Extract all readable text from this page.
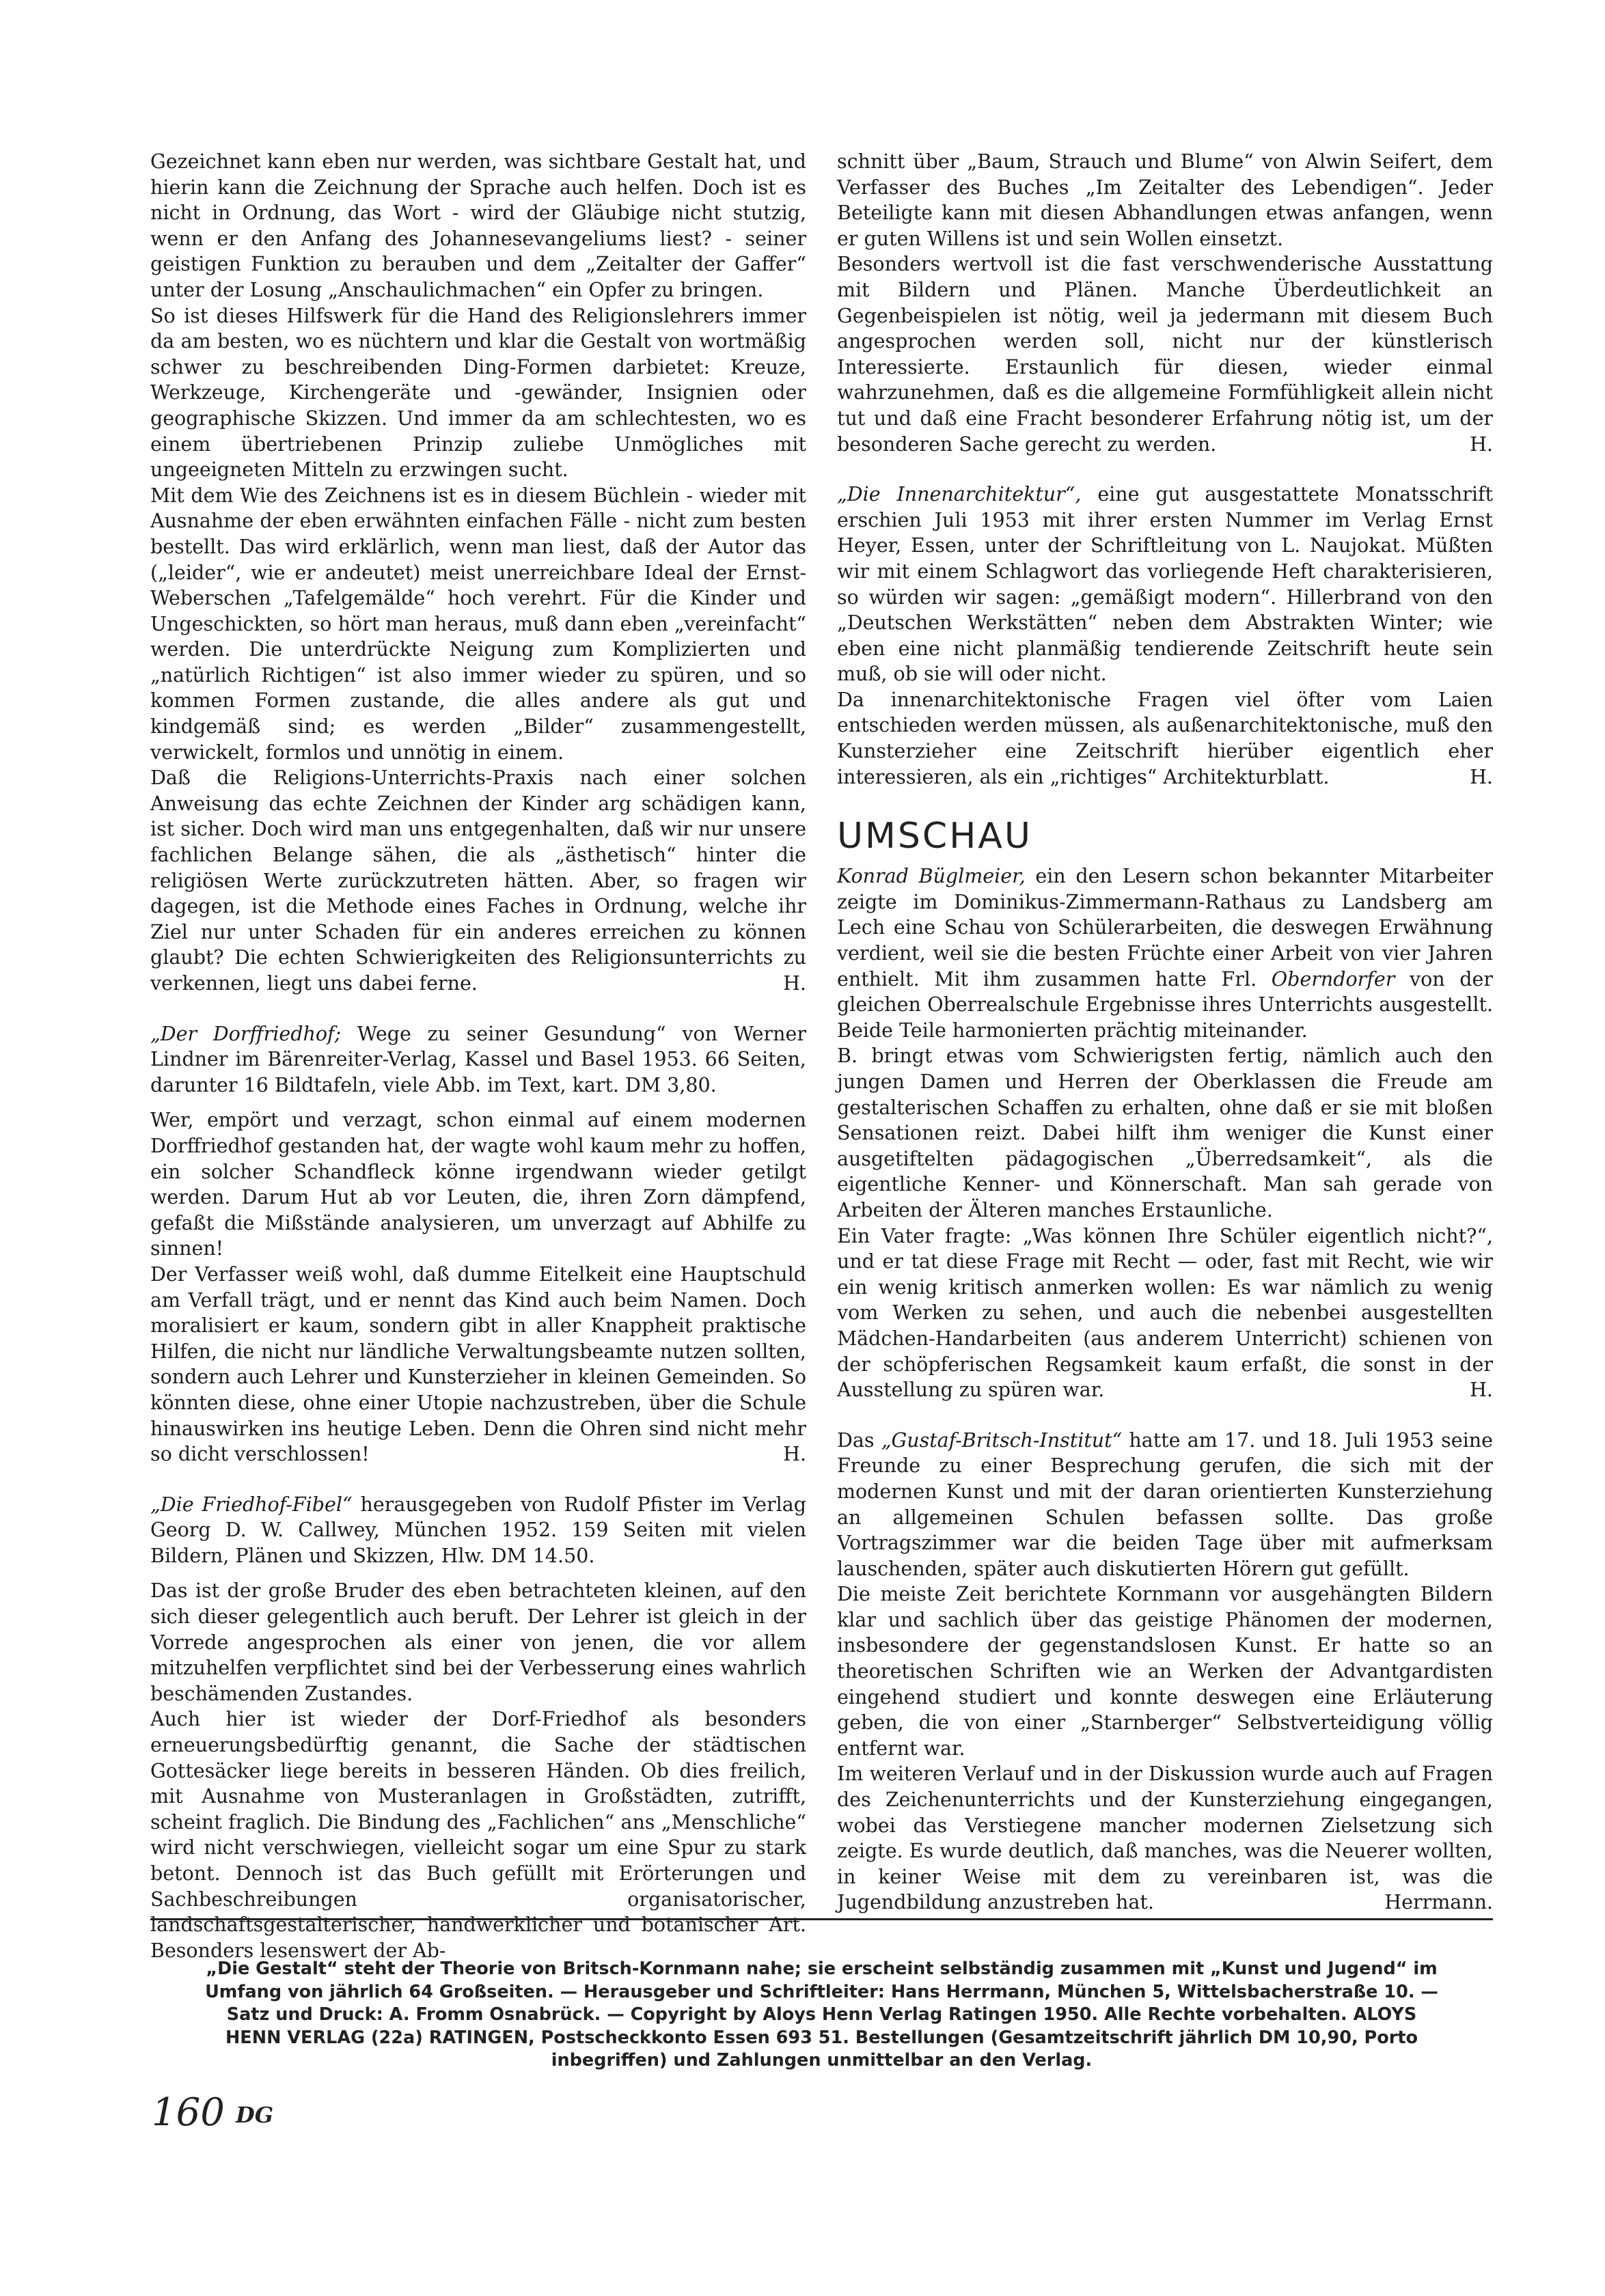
Gezeichnet kann eben nur werden, was sichtbare Gestalt hat, und hierin kann die Zeichnung der Sprache auch helfen. Doch ist es nicht in Ordnung, das Wort - wird der Gläubige nicht stutzig, wenn er den Anfang des Johannesevangeliums liest? - seiner geistigen Funktion zu berauben und dem „Zeitalter der Gaffer“ unter der Losung „Anschaulichmachen“ ein Opfer zu bringen.

So ist dieses Hilfswerk für die Hand des Religionslehrers immer da am besten, wo es nüchtern und klar die Gestalt von wortmäßig schwer zu beschreibenden Ding-Formen darbietet: Kreuze, Werkzeuge, Kirchengeräte und -gewänder, Insignien oder geographische Skizzen. Und immer da am schlechtesten, wo es einem übertriebenen Prinzip zuliebe Unmögliches mit ungeeigneten Mitteln zu erzwingen sucht.

Mit dem Wie des Zeichnens ist es in diesem Büchlein - wieder mit Ausnahme der eben erwähnten einfachen Fälle - nicht zum besten bestellt. Das wird erklärlich, wenn man liest, daß der Autor das („leider“, wie er andeutet) meist unerreichbare Ideal der Ernst-Weberschen „Tafelgemälde“ hoch verehrt. Für die Kinder und Ungeschickten, so hört man heraus, muß dann eben „vereinfacht“ werden. Die unterdrückte Neigung zum Komplizierten und „natürlich Richtigen“ ist also immer wieder zu spüren, und so kommen Formen zustande, die alles andere als gut und kindgemäß sind; es werden „Bilder“ zusammengestellt, verwickelt, formlos und unnötig in einem.

Daß die Religions-Unterrichts-Praxis nach einer solchen Anweisung das echte Zeichnen der Kinder arg schädigen kann, ist sicher. Doch wird man uns entgegenhalten, daß wir nur unsere fachlichen Belange sähen, die als „ästhetisch“ hinter die religiösen Werte zurückzutreten hätten. Aber, so fragen wir dagegen, ist die Methode eines Faches in Ordnung, welche ihr Ziel nur unter Schaden für ein anderes erreichen zu können glaubt? Die echten Schwierigkeiten des Religionsunterrichts zu verkennen, liegt uns dabei ferne.	H.

„Der Dorffriedhof; Wege zu seiner Gesundung“ von Werner Lindner im Bärenreiter-Verlag, Kassel und Basel 1953. 66 Seiten, darunter 16 Bildtafeln, viele Abb. im Text, kart. DM 3,80.

Wer, empört und verzagt, schon einmal auf einem modernen Dorffriedhof gestanden hat, der wagte wohl kaum mehr zu hoffen, ein solcher Schandfleck könne irgendwann wieder getilgt werden. Darum Hut ab vor Leuten, die, ihren Zorn dämpfend, gefaßt die Mißstände analysieren, um unverzagt auf Abhilfe zu sinnen!

Der Verfasser weiß wohl, daß dumme Eitelkeit eine Hauptschuld am Verfall trägt, und er nennt das Kind auch beim Namen. Doch moralisiert er kaum, sondern gibt in aller Knappheit praktische Hilfen, die nicht nur ländliche Verwaltungsbeamte nutzen sollten, sondern auch Lehrer und Kunsterzieher in kleinen Gemeinden. So könnten diese, ohne einer Utopie nachzustreben, über die Schule hinauswirken ins heutige Leben. Denn die Ohren sind nicht mehr so dicht verschlossen!	H.

„Die Friedhof-Fibel“ herausgegeben von Rudolf Pfister im Verlag Georg D. W. Callwey, München 1952. 159 Seiten mit vielen Bildern, Plänen und Skizzen, Hlw. DM 14.50.

Das ist der große Bruder des eben betrachteten kleinen, auf den sich dieser gelegentlich auch beruft. Der Lehrer ist gleich in der Vorrede angesprochen als einer von jenen, die vor allem mitzuhelfen verpflichtet sind bei der Verbesserung eines wahrlich beschämenden Zustandes.

Auch hier ist wieder der Dorf-Friedhof als besonders erneuerungsbedürftig genannt, die Sache der städtischen Gottesäcker liege bereits in besseren Händen. Ob dies freilich, mit Ausnahme von Musteranlagen in Großstädten, zutrifft, scheint fraglich. Die Bindung des „Fachlichen“ ans „Menschliche“ wird nicht verschwiegen, vielleicht sogar um eine Spur zu stark betont. Dennoch ist das Buch gefüllt mit Erörterungen und Sachbeschreibungen organisatorischer, landschaftsgestalterischer, handwerklicher und botanischer Art. Besonders lesenswert der Ab-

schnitt über „Baum, Strauch und Blume“ von Alwin Seifert, dem Verfasser des Buches „Im Zeitalter des Lebendigen“. Jeder Beteiligte kann mit diesen Abhandlungen etwas anfangen, wenn er guten Willens ist und sein Wollen einsetzt.

Besonders wertvoll ist die fast verschwenderische Ausstattung mit Bildern und Plänen. Manche Überdeutlichkeit an Gegenbeispielen ist nötig, weil ja jedermann mit diesem Buch angesprochen werden soll, nicht nur der künstlerisch Interessierte. Erstaunlich für diesen, wieder einmal wahrzunehmen, daß es die allgemeine Formfühligkeit allein nicht tut und daß eine Fracht besonderer Erfahrung nötig ist, um der besonderen Sache gerecht zu werden.	H.

„Die Innenarchitektur“, eine gut ausgestattete Monatsschrift erschien Juli 1953 mit ihrer ersten Nummer im Verlag Ernst Heyer, Essen, unter der Schriftleitung von L. Naujokat. Müßten wir mit einem Schlagwort das vorliegende Heft charakterisieren, so würden wir sagen: „gemäßigt modern“. Hillerbrand von den „Deutschen Werkstätten“ neben dem Abstrakten Winter; wie eben eine nicht planmäßig tendierende Zeitschrift heute sein muß, ob sie will oder nicht.

Da innenarchitektonische Fragen viel öfter vom Laien entschieden werden müssen, als außenarchitektonische, muß den Kunsterzieher eine Zeitschrift hierüber eigentlich eher interessieren, als ein „richtiges“ Architekturblatt.	H.

UMSCHAU

Konrad Büglmeier, ein den Lesern schon bekannter Mitarbeiter zeigte im Dominikus-Zimmermann-Rathaus zu Landsberg am Lech eine Schau von Schülerarbeiten, die deswegen Erwähnung verdient, weil sie die besten Früchte einer Arbeit von vier Jahren enthielt. Mit ihm zusammen hatte Frl. Oberndorfer von der gleichen Oberrealschule Ergebnisse ihres Unterrichts ausgestellt. Beide Teile harmonierten prächtig miteinander.

B. bringt etwas vom Schwierigsten fertig, nämlich auch den jungen Damen und Herren der Oberklassen die Freude am gestalterischen Schaffen zu erhalten, ohne daß er sie mit bloßen Sensationen reizt. Dabei hilft ihm weniger die Kunst einer ausgetiftelten pädagogischen „Überredsamkeit“, als die eigentliche Kenner- und Könnerschaft. Man sah gerade von Arbeiten der Älteren manches Erstaunliche.

Ein Vater fragte: „Was können Ihre Schüler eigentlich nicht?“, und er tat diese Frage mit Recht — oder, fast mit Recht, wie wir ein wenig kritisch anmerken wollen: Es war nämlich zu wenig vom Werken zu sehen, und auch die nebenbei ausgestellten Mädchen-Handarbeiten (aus anderem Unterricht) schienen von der schöpferischen Regsamkeit kaum erfaßt, die sonst in der Ausstellung zu spüren war.	H.

Das „Gustaf-Britsch-Institut“ hatte am 17. und 18. Juli 1953 seine Freunde zu einer Besprechung gerufen, die sich mit der modernen Kunst und mit der daran orientierten Kunsterziehung an allgemeinen Schulen befassen sollte. Das große Vortragszimmer war die beiden Tage über mit aufmerksam lauschenden, später auch diskutierten Hörern gut gefüllt.

Die meiste Zeit berichtete Kornmann vor ausgehängten Bildern klar und sachlich über das geistige Phänomen der modernen, insbesondere der gegenstandslosen Kunst. Er hatte so an theoretischen Schriften wie an Werken der Advantgardisten eingehend studiert und konnte deswegen eine Erläuterung geben, die von einer „Starnberger“ Selbstverteidigung völlig entfernt war.

Im weiteren Verlauf und in der Diskussion wurde auch auf Fragen des Zeichenunterrichts und der Kunsterziehung eingegangen, wobei das Verstiegene mancher modernen Zielsetzung sich zeigte. Es wurde deutlich, daß manches, was die Neuerer wollten, in keiner Weise mit dem zu vereinbaren ist, was die Jugendbildung anzustreben hat.	Herrmann.

„Die Gestalt“ steht der Theorie von Britsch-Kornmann nahe; sie erscheint selbständig zusammen mit „Kunst und Jugend“ im
Umfang von jährlich 64 Großseiten. — Herausgeber und Schriftleiter: Hans Herrmann, München 5, Wittelsbacherstraße 10. —
Satz und Druck: A. Fromm Osnabrück. — Copyright by Aloys Henn Verlag Ratingen 1950. Alle Rechte vorbehalten. ALOYS
HENN VERLAG (22a) RATINGEN, Postscheckkonto Essen 693 51. Bestellungen (Gesamtzeitschrift jährlich DM 10,90, Porto
inbegriffen) und Zahlungen unmittelbar an den Verlag.
160 DG
